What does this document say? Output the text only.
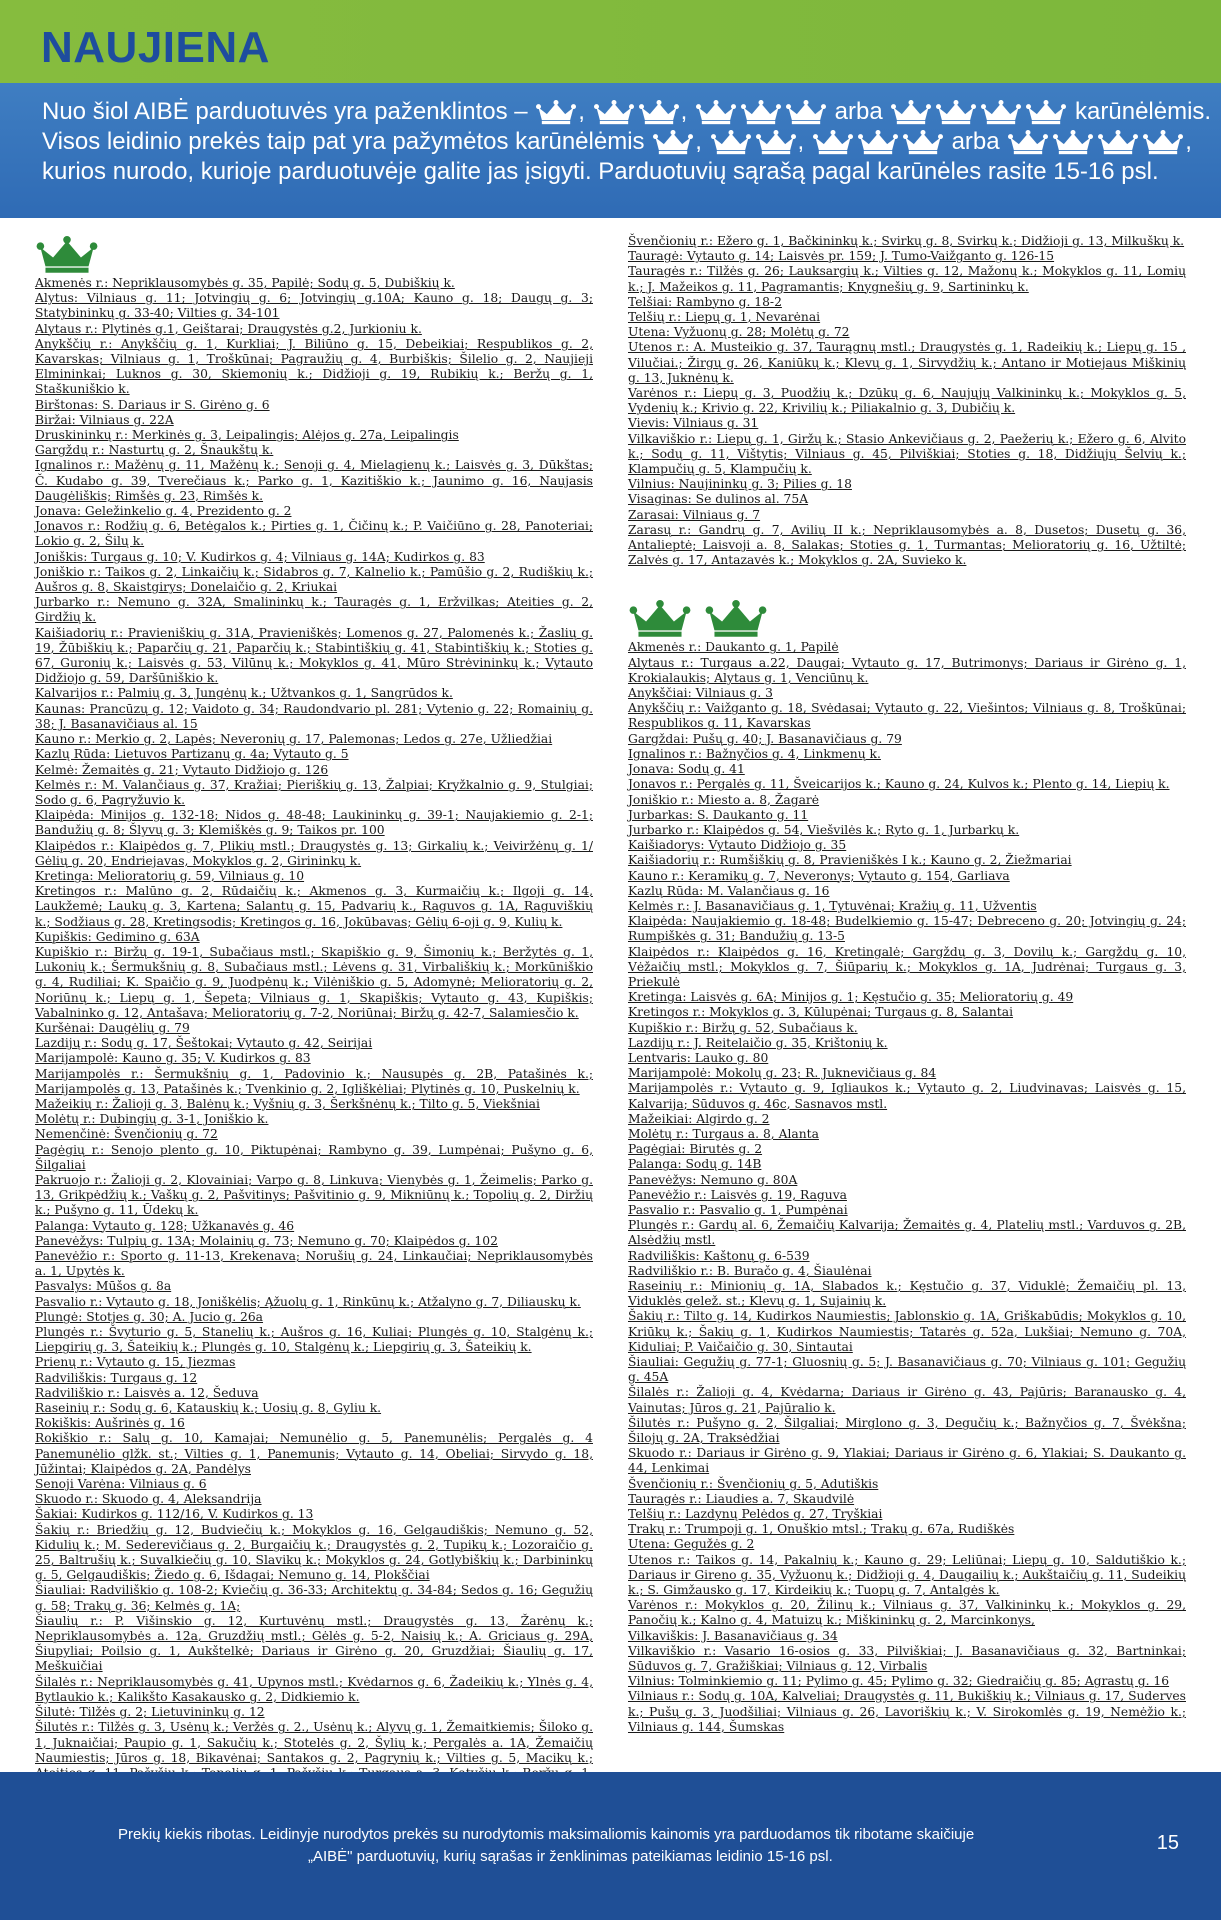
NAUJIENA
Nuo šiol AIBĖ parduotuvės yra paženklintos – ,	,	arba	karūnėlėmis.
Visos leidinio prekės taip pat yra pažymėtos karūnėlėmis ,	,	arba	,
kurios nurodo, kurioje parduotuvėje galite jas įsigyti. Parduotuvių sąrašą pagal karūnėles rasite 15-16 psl.
Akmenės r.: Nepriklausomybės g. 35, Papilė; Sodų g. 5, Dubiškių k.
Alytus: Vilniaus g. 11; Jotvingių g. 6; Jotvingių g.10A; Kauno g. 18; Daugų g. 3; Statybininkų g. 33-40; Vilties g. 34-101
Alytaus r.: Plytinės g.1, Geištarai; Draugystės g.2, Jurkioniu k.
Anykščių r.: Anykščių g. 1, Kurkliai; J. Biliūno g. 15, Debeikiai; Respublikos g. 2, Kavarskas; Vilniaus g. 1, Troškūnai; Pagraužių g. 4, Burbiškis; Šilelio g. 2, Naujieji Elmininkai; Luknos g. 30, Skiemonių k.; Didžioji g. 19, Rubikių k.; Beržų g. 1, Staškuniškio k.
Birštonas: S. Dariaus ir S. Girėno g. 6
Biržai: Vilniaus g. 22A
Druskininkų r.: Merkinės g. 3, Leipalingis; Alėjos g. 27a, Leipalingis
Gargždų r.: Nasturtų g. 2, Šnaukštų k.
Ignalinos r.: Mažėnų g. 11, Mažėnų k.; Senoji g. 4, Mielagienų k.; Laisvės g. 3, Dūkštas; Č. Kudabo g. 39, Tverečiaus k.; Parko g. 1, Kazitiškio k.; Jaunimo g. 16, Naujasis Daugėliškis; Rimšės g. 23, Rimšės k.
Jonava: Geležinkelio g. 4, Prezidento g. 2
Jonavos r.: Rodžių g. 6, Betėgalos k.; Pirties g. 1, Čičinų k.; P. Vaičiūno g. 28, Panoteriai; Lokio g. 2, Šilų k.
Joniškis: Turgaus g. 10; V. Kudirkos g. 4; Vilniaus g. 14A; Kudirkos g. 83
Joniškio r.: Taikos g. 2, Linkaičių k.; Sidabros g. 7, Kalnelio k.; Pamūšio g. 2, Rudiškių k.; Aušros g. 8, Skaistgirys; Donelaičio g. 2, Kriukai
Jurbarko r.: Nemuno g. 32A, Smalininkų k.; Tauragės g. 1, Eržvilkas; Ateities g. 2, Girdžių k.
Kaišiadorių r.: Pravieniškių g. 31A, Pravieniškės; Lomenos g. 27, Palomenės k.; Žaslių g. 19, Žūbiškių k.; Paparčių g. 21, Paparčių k.; Stabintiškių g. 41, Stabintiškių k.; Stoties g. 67, Guronių k.; Laisvės g. 53, Vilūnų k.; Mokyklos g. 41, Mūro Strėvininkų k.; Vytauto Didžiojo g. 59, Daršūniškio k.
Kalvarijos r.: Palmių g. 3, Jungėnų k.; Užtvankos g. 1, Sangrūdos k.
Kaunas: Prancūzų g. 12; Vaidoto g. 34; Raudondvario pl. 281; Vytenio g. 22; Romainių g. 38; J. Basanavičiaus al. 15
Kauno r.: Merkio g. 2, Lapės; Neveronių g. 17, Palemonas; Ledos g. 27e, Užliedžiai
Kazlų Rūda: Lietuvos Partizanų g. 4a; Vytauto g. 5
Kelmė: Žemaitės g. 21; Vytauto Didžiojo g. 126
Kelmės r.: M. Valančiaus g. 37, Kražiai; Pieriškių g. 13, Žalpiai; Kryžkalnio g. 9, Stulgiai; Sodo g. 6, Pagryžuvio k.
Klaipėda: Minijos g. 132-18; Nidos g. 48-48; Laukininkų g. 39-1; Naujakiemio g. 2-1; Bandužių g. 8; Šlyvų g. 3; Klemiškės g. 9; Taikos pr. 100
Klaipėdos r.: Klaipėdos g. 7, Plikių mstl.; Draugystės g. 13; Girkalių k.; Veiviržėnų g. 1/ Gėlių g. 20, Endriejavas, Mokyklos g. 2, Girininkų k.
Kretinga: Melioratorių g. 59, Vilniaus g. 10
Kretingos r.: Malūno g. 2, Rūdaičių k.; Akmenos g. 3, Kurmaičių k.; Ilgoji g. 14, Laukžemė; Laukų g. 3, Kartena; Salantų g. 15, Padvarių k., Raguvos g. 1A, Raguviškių k.; Sodžiaus g. 28, Kretingsodis; Kretingos g. 16, Jokūbavas; Gėlių 6-oji g. 9, Kulių k.
Kupiškis: Gedimino g. 63A
Kupiškio r.: Biržų g. 19-1, Subačiaus mstl.; Skapiškio g. 9, Šimonių k.; Beržytės g. 1, Lukonių k.; Šermukšnių g. 8, Subačiaus mstl.; Lėvens g. 31, Virbališkių k.; Morkūniškio g. 4, Rudiliai; K. Spaičio g. 9, Juodpėnų k.; Vilėniškio g. 5, Adomynė; Melioratorių g. 2, Noriūnų k.; Liepų g. 1, Šepeta; Vilniaus g. 1, Skapiškis; Vytauto g. 43, Kupiškis; Vabalninko g. 12, Antašava; Melioratorių g. 7-2, Noriūnai; Biržų g. 42-7, Salamiesčio k.
Kuršėnai: Daugėlių g. 79
Lazdijų r.: Sodų g. 17, Šeštokai; Vytauto g. 42, Seirijai
Marijampolė: Kauno g. 35; V. Kudirkos g. 83
Marijampolės r.: Šermukšnių g. 1, Padovinio k.; Nausupės g. 2B, Patašinės k.; Marijampolės g. 13, Patašinės k.; Tvenkinio g. 2, Igliškėliai; Plytinės g. 10, Puskelnių k.
Mažeikių r.: Žalioji g. 3, Balėnų k.; Vyšnių g. 3, Šerkšnėnų k.; Tilto g. 5, Viekšniai
Molėtų r.: Dubingių g. 3-1, Joniškio k.
Nemenčinė: Švenčionių g. 72
Pagėgių r.: Senojo plento g. 10, Piktupėnai; Rambyno g. 39, Lumpėnai; Pušyno g. 6, Šilgaliai
Pakruojo r.: Žalioji g. 2, Klovainiai; Varpo g. 8, Linkuva; Vienybės g. 1, Žeimelis; Parko g. 13, Grikpėdžių k.; Vaškų g. 2, Pašvitinys; Pašvitinio g. 9, Mikniūnų k.; Topolių g. 2, Diržių k.; Pušyno g. 11, Ūdekų k.
Palanga: Vytauto g. 128; Užkanavės g. 46
Panevėžys: Tulpių g. 13A; Molainių g. 73; Nemuno g. 70; Klaipėdos g. 102
Panevėžio r.: Sporto g. 11-13, Krekenava; Norušių g. 24, Linkaučiai; Nepriklausomybės a. 1, Upytės k.
Pasvalys: Mūšos g. 8a
Pasvalio r.: Vytauto g. 18, Joniškėlis; Ąžuolų g. 1, Rinkūnų k.; Atžalyno g. 7, Diliauskų k.
Plungė: Stotjes g. 30; A. Jucio g. 26a
Plungės r.: Švyturio g. 5, Stanelių k.; Aušros g. 16, Kuliai; Plungės g. 10, Stalgėnų k.; Liepgirių g. 3, Šateikių k.; Plungės g. 10, Stalgėnų k.; Liepgirių g. 3, Šateikių k.
Prienų r.: Vytauto g. 15, Jiezmas
Radviliškis: Turgaus g. 12
Radviliškio r.: Laisvės a. 12, Šeduva
Raseinių r.: Sodų g. 6, Katauskių k.; Uosių g. 8, Gyliu k.
Rokiškis: Aušrinės g. 16
Rokiškio r.: Salų g. 10, Kamajai; Nemunėlio g. 5, Panemunėlis; Pergalės g. 4 Panemunėlio glžk. st.; Vilties g. 1, Panemunis; Vytauto g. 14, Obeliai; Sirvydo g. 18, Jūžintai; Klaipėdos g. 2A, Pandėlys
Senoji Varėna: Vilniaus g. 6
Skuodo r.: Skuodo g. 4, Aleksandrija
Šakiai: Kudirkos g. 112/16, V. Kudirkos g. 13
Šakių r.: Briedžių g. 12, Budviečių k.; Mokyklos g. 16, Gelgaudiškis; Nemuno g. 52, Kidulių k.; M. Sederevičiaus g. 2, Burgaičių k.; Draugystės g. 2, Tupikų k.; Lozoraičio g. 25, Baltrušių k.; Suvalkiečių g. 10, Slavikų k.; Mokyklos g. 24, Gotlybiškių k.; Darbininkų g. 5, Gelgaudiškis; Žiedo g. 6, Išdagai; Nemuno g. 14, Plokščiai
Šiauliai: Radviliškio g. 108-2; Kviečių g. 36-33; Architektų g. 34-84; Sedos g. 16; Gegužių g. 58; Trakų g. 36; Kelmės g. 1A;
Šiaulių r.: P. Višinskio g. 12, Kurtuvėnų mstl.; Draugystės g. 13, Žarėnų k.; Nepriklausomybės a. 12a, Gruzdžių mstl.; Gėlės g. 5-2, Naisių k.; A. Griciaus g. 29A, Šiupyliai; Poilsio g. 1, Aukštelkė; Dariaus ir Girėno g. 20, Gruzdžiai; Šiaulių g. 17, Meškuičiai
Šilalės r.: Nepriklausomybės g. 41, Upynos mstl.; Kvėdarnos g. 6, Žadeikių k.; Ylnės g. 4, Bytlaukio k.; Kalikšto Kasakausko g. 2, Didkiemio k.
Šilutė: Tilžės g. 2; Lietuvininkų g. 12
Šilutės r.: Tilžės g. 3, Usėnų k.; Veržės g. 2., Usėnų k.; Alyvų g. 1, Žemaitkiemis; Šiloko g. 1, Juknaičiai; Paupio g. 1, Sakučių k.; Stotelės g. 2, Šylių k.; Pergalės a. 1A, Žemaičių Naumiestis; Jūros g. 18, Bikavėnai; Santakos g. 2, Pagrynių k.; Vilties g. 5, Macikų k.;
Švenčionių r.: Ežero g. 1, Bačkininkų k.; Svirkų g. 8, Svirkų k.; Didžioji g. 13, Milkuškų k.
Tauragė: Vytauto g. 14; Laisvės pr. 159; J. Tumo-Vaižganto g. 126-15
Tauragės r.: Tilžės g. 26; Lauksargių k.; Vilties g. 12, Mažonų k.; Mokyklos g. 11, Lomių k.; J. Mažeikos g. 11, Pagramantis; Knygnešių g. 9, Sartininkų k.
Telšiai: Rambyno g. 18-2
Telšių r.: Liepų g. 1, Nevarėnai
Utena: Vyžuonų g. 28; Molėtų g. 72
Utenos r.: A. Musteikio g. 37, Taurągnų mstl.; Draugystės g. 1, Radeikių k.; Liepų g. 15 , Vilučiai.; Žirgų g. 26, Kaniūkų k.; Klevų g. 1, Sirvydžių k.; Antano ir Motiejaus Miškinių g. 13, Juknėnų k.
Varėnos r.: Liepų g. 3, Puodžių k.; Dzūkų g. 6, Naujųjų Valkininkų k.; Mokyklos g. 5, Vydenių k.; Krivio g. 22, Krivilių k.; Piliakalnio g. 3, Dubičių k.
Vievis: Vilniaus g. 31
Vilkaviškio r.: Liepų g. 1, Giržų k.; Stasio Ankevičiaus g. 2, Paežerių k.; Ežero g. 6, Alvito k.; Sodų g. 11, Vištytis; Vilniaus g. 45, Pilviškiai; Stoties g. 18, Didžiųjų Šelvių k.; Klampučių g. 5, Klampučių k.
Vilnius: Naujininkų g. 3; Pilies g. 18
Visaginas: Se dulinos al. 75A
Zarasai: Vilniaus g. 7
Zarasų r.: Gandrų g. 7, Avilių II k.; Nepriklausomybės a. 8, Dusetos; Dusetų g. 36, Antalieptė; Laisvoji a. 8, Salakas; Stoties g. 1, Turmantas; Melioratorių g. 16, Užtiltė; Zalvės g. 17, Antazavės k.; Mokyklos g. 2A, Suvieko k.
Akmenės r.: Daukanto g. 1, Papilė
Alytaus r.: Turgaus a.22, Daugai; Vytauto g. 17, Butrimonys; Dariaus ir Girėno g. 1, Krokialaukis; Alytaus g. 1, Venciūnų k.
Anykščiai: Vilniaus g. 3
Anykščių r.: Vaižganto g. 18, Svėdasai; Vytauto g. 22, Viešintos; Vilniaus g. 8, Troškūnai; Respublikos g. 11, Kavarskas
Gargždai: Pušų g. 40; J. Basanavičiaus g. 79
Ignalinos r.: Bažnyčios g. 4, Linkmenų k.
Jonava: Sodų g. 41
Jonavos r.: Pergalės g. 11, Šveicarijos k.; Kauno g. 24, Kulvos k.; Plento g. 14, Liepių k.
Joniškio r.: Miesto a. 8, Žagarė
Jurbarkas: S. Daukanto g. 11
Jurbarko r.: Klaipėdos g. 54, Viešvilės k.; Ryto g. 1, Jurbarkų k.
Kaišiadorys: Vytauto Didžiojo g. 35
Kaišiadorių r.: Rumšiškių g. 8, Pravieniškės I k.; Kauno g. 2, Žiežmariai
Kauno r.: Keramikų g. 7, Neveronys; Vytauto g. 154, Garliava
Kazlų Rūda: M. Valančiaus g. 16
Kelmės r.: J. Basanavičiaus g. 1, Tytuvėnai; Kražių g. 11, Užventis
Klaipėda: Naujakiemio g. 18-48; Budelkiemio g. 15-47; Debreceno g. 20; Jotvingių g. 24; Rumpiškės g. 31; Bandužių g. 13-5
Klaipėdos r.: Klaipėdos g. 16, Kretingalė; Gargždų g. 3, Dovilų k.; Gargždų g. 10, Vėžaičių mstl.; Mokyklos g. 7, Šiūparių k.; Mokyklos g. 1A, Judrėnai; Turgaus g. 3, Priekulė
Kretinga: Laisvės g. 6A; Minijos g. 1; Kęstučio g. 35; Melioratorių g. 49
Kretingos r.: Mokyklos g. 3, Kūlupėnai; Turgaus g. 8, Salantai
Kupiškio r.: Biržų g. 52, Subačiaus k.
Lazdijų r.: J. Reitelaičio g. 35, Krištonių k.
Lentvaris: Lauko g. 80
Marijampolė: Mokolų g. 23; R. Juknevičiaus g. 84
Marijampolės r.: Vytauto g. 9, Igliaukos k.; Vytauto g. 2, Liudvinavas; Laisvės g. 15, Kalvarija; Sūduvos g. 46c, Sasnavos mstl.
Mažeikiai: Algirdo g. 2
Molėtų r.: Turgaus a. 8, Alanta
Pagėgiai: Birutės g. 2
Palanga: Sodų g. 14B
Panevėžys: Nemuno g. 80A
Panevėžio r.: Laisvės g. 19, Raguva
Pasvalio r.: Pasvalio g. 1, Pumpėnai
Plungės r.: Gardų al. 6, Žemaičių Kalvarija; Žemaitės g. 4, Platelių mstl.; Varduvos g. 2B, Alsėdžių mstl.
Radviliškis: Kaštonų g. 6-539
Radviliškio r.: B. Buračo g. 4, Šiaulėnai
Raseinių r.: Minionių g. 1A, Slabados k.; Kęstučio g. 37, Viduklė; Žemaičių pl. 13, Viduklės gelež. st.; Klevų g. 1, Sujainių k.
Šakių r.: Tilto g. 14, Kudirkos Naumiestis; Jablonskio g. 1A, Griškabūdis; Mokyklos g. 10, Kriūkų k.; Šakių g. 1, Kudirkos Naumiestis; Tatarės g. 52a, Lukšiai; Nemuno g. 70A, Kiduliai; P. Vaičaičio g. 30, Sintautai
Šiauliai: Gegužių g. 77-1; Gluosnių g. 5; J. Basanavičiaus g. 70; Vilniaus g. 101; Gegužių g. 45A
Šilalės r.: Žalioji g. 4, Kvėdarna; Dariaus ir Girėno g. 43, Pajūris; Baranausko g. 4, Vainutas; Jūros g. 21, Pajūralio k.
Šilutės r.: Pušyno g. 2, Šilgaliai; Mirglono g. 3, Degučių k.; Bažnyčios g. 7, Švėkšna; Šilojų g. 2A, Traksėdžiai
Skuodo r.: Dariaus ir Girėno g. 9, Ylakiai; Dariaus ir Girėno g. 6, Ylakiai; S. Daukanto g. 44, Lenkimai
Švenčionių r.: Švenčionių g. 5, Adutiškis
Tauragės r.: Liaudies a. 7, Skaudvilė
Telšių r.: Lazdynų Pelėdos g. 27, Tryškiai
Trakų r.: Trumpoji g. 1, Onuškio mtsl.; Trakų g. 67a, Rudiškės
Utena: Gegužės g. 2
Utenos r.: Taikos g. 14, Pakalnių k.; Kauno g. 29; Leliūnai; Liepų g. 10, Saldutiškio k.; Dariaus ir Gireno g. 35, Vyžuonų k.; Didžioji g. 4, Daugailių k.; Aukštaičių g. 11, Sudeikių k.; S. Gimžausko g. 17, Kirdeikių k.; Tuopų g. 7, Antalgės k.
Varėnos r.: Mokyklos g. 20, Žilinų k.; Vilniaus g. 37, Valkininkų k.; Mokyklos g. 29, Panočių k.; Kalno g. 4, Matuizų k.; Miškininkų g. 2, Marcinkonys,
Vilkaviškis: J. Basanavičiaus g. 34
Vilkaviškio r.: Vasario 16-osios g. 33, Pilviškiai; J. Basanavičiaus g. 32, Bartninkai; Sūduvos g. 7, Gražiškiai; Vilniaus g. 12, Virbalis
Vilnius: Tolminkiemio g. 11; Pylimo g. 45; Pylimo g. 32; Giedraičių g. 85; Agrastų g. 16
Vilniaus r.: Sodų g. 10A, Kalveliai; Draugystės g. 11, Bukiškių k.; Vilniaus g. 17, Suderves k.; Pušų g. 3, Juodšiliai; Vilniaus g. 26, Lavoriškių k.; V. Sirokomlės g. 19, Nemėžio k.; Vilniaus g. 144, Šumskas
Prekių kiekis ribotas. Leidinyje nurodytos prekės su nurodytomis maksimaliomis kainomis yra parduodamos tik ribotame skaičiuje
„AIBĖ" parduotuvių, kurių sąrašas ir ženklinimas pateikiamas leidinio 15-16 psl.
15
